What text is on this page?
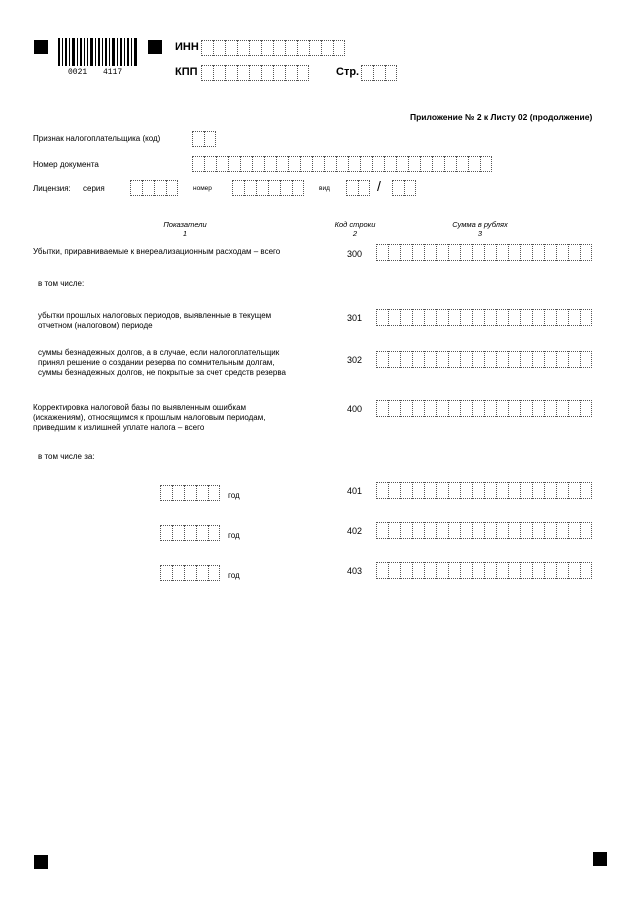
0021 4117
ИНН
КПП	Стр.
Приложение № 2 к Листу 02 (продолжение)
Признак налогоплательщика (код)
Номер документа
Лицензия: серия	номер	вид	/
Показатели
1
Код строки
2
Сумма в рублях
3
Убытки, приравниваемые к внереализационным расходам – всего	300
в том числе:
убытки прошлых налоговых периодов, выявленные в текущем
отчетном (налоговом) периоде
301
суммы безнадежных долгов, а в случае, если налогоплательщик
принял решение о создании резерва по сомнительным долгам,
суммы безнадежных долгов, не покрытые за счет средств резерва
302
Корректировка налоговой базы по выявленным ошибкам
(искажениям), относящимся к прошлым налоговым периодам,
приведшим к излишней уплате налога – всего
400
в том числе за:
год	401
год	402
год	403
